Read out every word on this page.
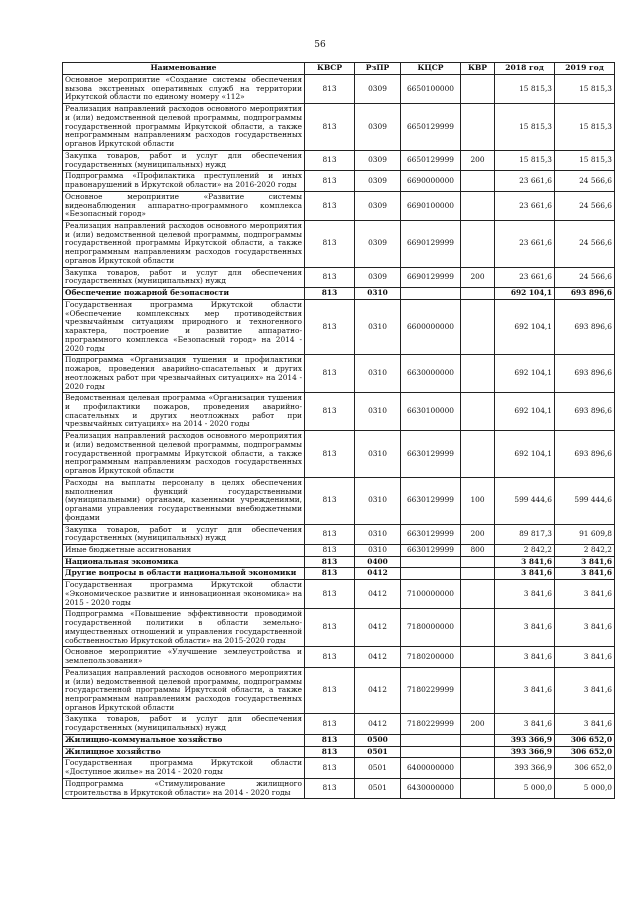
56
Наименование	КВСР	РзПР	КЦСР	КВР	2018 год	2019 год
Основное мероприятие «Создание системы обеспечения вызова экстренных оперативных служб на территории Иркутской области по единому номеру «112»	813	0309	6650100000		15 815,3	15 815,3
Реализация направлений расходов основного мероприятия и (или) ведомственной целевой программы, подпрограммы государственной программы Иркутской области, а также непрограммным направлениям расходов государственных органов Иркутской области	813	0309	6650129999		15 815,3	15 815,3
Закупка товаров, работ и услуг для обеспечения государственных (муниципальных) нужд	813	0309	6650129999	200	15 815,3	15 815,3
Подпрограмма «Профилактика преступлений и иных правонарушений в Иркутской области» на 2016-2020 годы	813	0309	6690000000		23 661,6	24 566,6
Основное мероприятие «Развитие системы видеонаблюдения аппаратно-программного комплекса «Безопасный город»	813	0309	6690100000		23 661,6	24 566,6
Реализация направлений расходов основного мероприятия и (или) ведомственной целевой программы, подпрограммы государственной программы Иркутской области, а также непрограммным направлениям расходов государственных органов Иркутской области	813	0309	6690129999		23 661,6	24 566,6
Закупка товаров, работ и услуг для обеспечения государственных (муниципальных) нужд	813	0309	6690129999	200	23 661,6	24 566,6
Обеспечение пожарной безопасности	813	0310			692 104,1	693 896,6
Государственная программа Иркутской области «Обеспечение комплексных мер противодействия чрезвычайным ситуациям природного и техногенного характера, построение и развитие аппаратно-программного комплекса «Безопасный город» на 2014 - 2020 годы	813	0310	6600000000		692 104,1	693 896,6
Подпрограмма «Организация тушения и профилактики пожаров, проведения аварийно-спасательных и других неотложных работ при чрезвычайных ситуациях» на 2014 - 2020 годы	813	0310	6630000000		692 104,1	693 896,6
Ведомственная целевая программа «Организация тушения и профилактики пожаров, проведения аварийно-спасательных и других неотложных работ при чрезвычайных ситуациях» на 2014 - 2020 годы	813	0310	6630100000		692 104,1	693 896,6
Реализация направлений расходов основного мероприятия и (или) ведомственной целевой программы, подпрограммы государственной программы Иркутской области, а также непрограммным направлениям расходов государственных органов Иркутской области	813	0310	6630129999		692 104,1	693 896,6
Расходы на выплаты персоналу в целях обеспечения выполнения функций государственными (муниципальными) органами, казенными учреждениями, органами управления государственными внебюджетными фондами	813	0310	6630129999	100	599 444,6	599 444,6
Закупка товаров, работ и услуг для обеспечения государственных (муниципальных) нужд	813	0310	6630129999	200	89 817,3	91 609,8
Иные бюджетные ассигнования	813	0310	6630129999	800	2 842,2	2 842,2
Национальная экономика	813	0400			3 841,6	3 841,6
Другие вопросы в области национальной экономики	813	0412			3 841,6	3 841,6
Государственная программа Иркутской области «Экономическое развитие и инновационная экономика» на 2015 - 2020 годы	813	0412	7100000000		3 841,6	3 841,6
Подпрограмма «Повышение эффективности проводимой государственной политики в области земельно-имущественных отношений и управления государственной собственностью Иркутской области» на 2015-2020 годы	813	0412	7180000000		3 841,6	3 841,6
Основное мероприятие «Улучшение землеустройства и землепользования»	813	0412	7180200000		3 841,6	3 841,6
Реализация направлений расходов основного мероприятия и (или) ведомственной целевой программы, подпрограммы государственной программы Иркутской области, а также непрограммным направлениям расходов государственных органов Иркутской области	813	0412	7180229999		3 841,6	3 841,6
Закупка товаров, работ и услуг для обеспечения государственных (муниципальных) нужд	813	0412	7180229999	200	3 841,6	3 841,6
Жилищно-коммунальное хозяйство	813	0500			393 366,9	306 652,0
Жилищное хозяйство	813	0501			393 366,9	306 652,0
Государственная программа Иркутской области «Доступное жилье» на 2014 - 2020 годы	813	0501	6400000000		393 366,9	306 652,0
Подпрограмма «Стимулирование жилищного строительства в Иркутской области» на 2014 - 2020 годы	813	0501	6430000000		5 000,0	5 000,0
